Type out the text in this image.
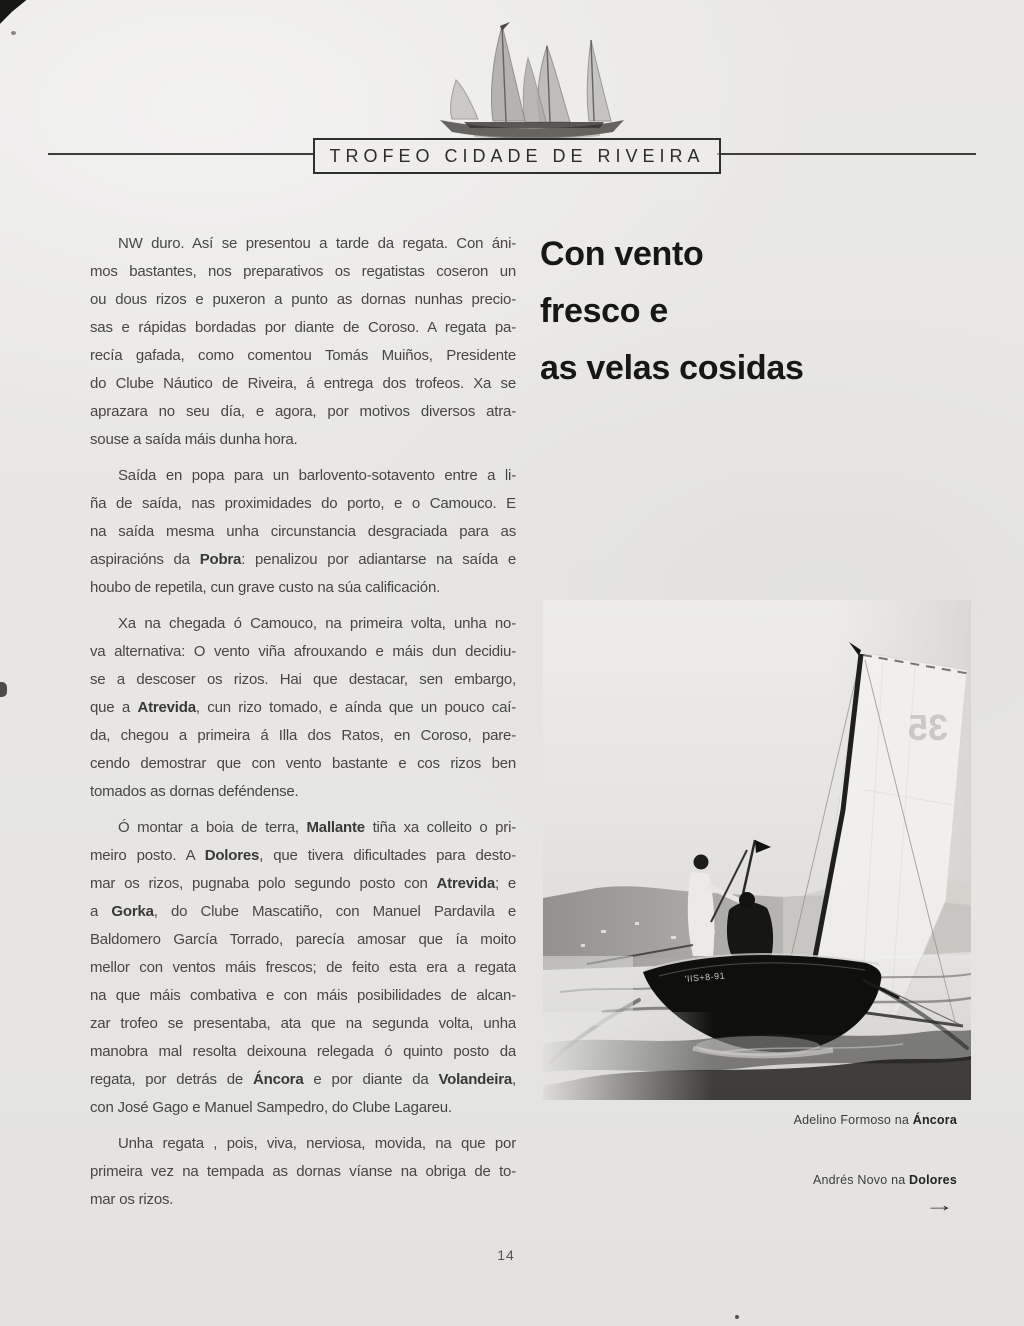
TROFEO CIDADE DE RIVEIRA
NW duro. Así se presentou a tarde da regata. Con áni-
mos bastantes, nos preparativos os regatistas coseron un
ou dous rizos e puxeron a punto as dornas nunhas precio-
sas e rápidas bordadas por diante de Coroso. A regata pa-
recía gafada, como comentou Tomás Muiños, Presidente
do Clube Náutico de Riveira, á entrega dos trofeos. Xa se
aprazara no seu día, e agora, por motivos diversos atra-
souse a saída máis dunha hora.
Saída en popa para un barlovento-sotavento entre a li-
ña de saída, nas proximidades do porto, e o Camouco. E
na saída mesma unha circunstancia desgraciada para as
aspiracións da Pobra: penalizou por adiantarse na saída e
houbo de repetila, cun grave custo na súa calificación.
Xa na chegada ó Camouco, na primeira volta, unha no-
va alternativa: O vento viña afrouxando e máis dun decidiu-
se a descoser os rizos. Hai que destacar, sen embargo,
que a Atrevida, cun rizo tomado, e aínda que un pouco caí-
da, chegou a primeira á Illa dos Ratos, en Coroso, pare-
cendo demostrar que con vento bastante e cos rizos ben
tomados as dornas deféndense.
Ó montar a boia de terra, Mallante tiña xa colleito o pri-
meiro posto. A Dolores, que tivera dificultades para desto-
mar os rizos, pugnaba polo segundo posto con Atrevida; e
a Gorka, do Clube Mascatiño, con Manuel Pardavila e
Baldomero García Torrado, parecía amosar que ía moito
mellor con ventos máis frescos; de feito esta era a regata
na que máis combativa e con máis posibilidades de alcan-
zar trofeo se presentaba, ata que na segunda volta, unha
manobra mal resolta deixouna relegada ó quinto posto da
regata, por detrás de Áncora e por diante da Volandeira,
con José Gago e Manuel Sampedro, do Clube Lagareu.
Unha regata , pois, viva, nerviosa, movida, na que por
primeira vez na tempada as dornas víanse na obriga de to-
mar os rizos.
Con vento
fresco e
as velas cosidas
35
'IIS+8-91
Adelino Formoso na Áncora
Andrés Novo na Dolores
→
14
